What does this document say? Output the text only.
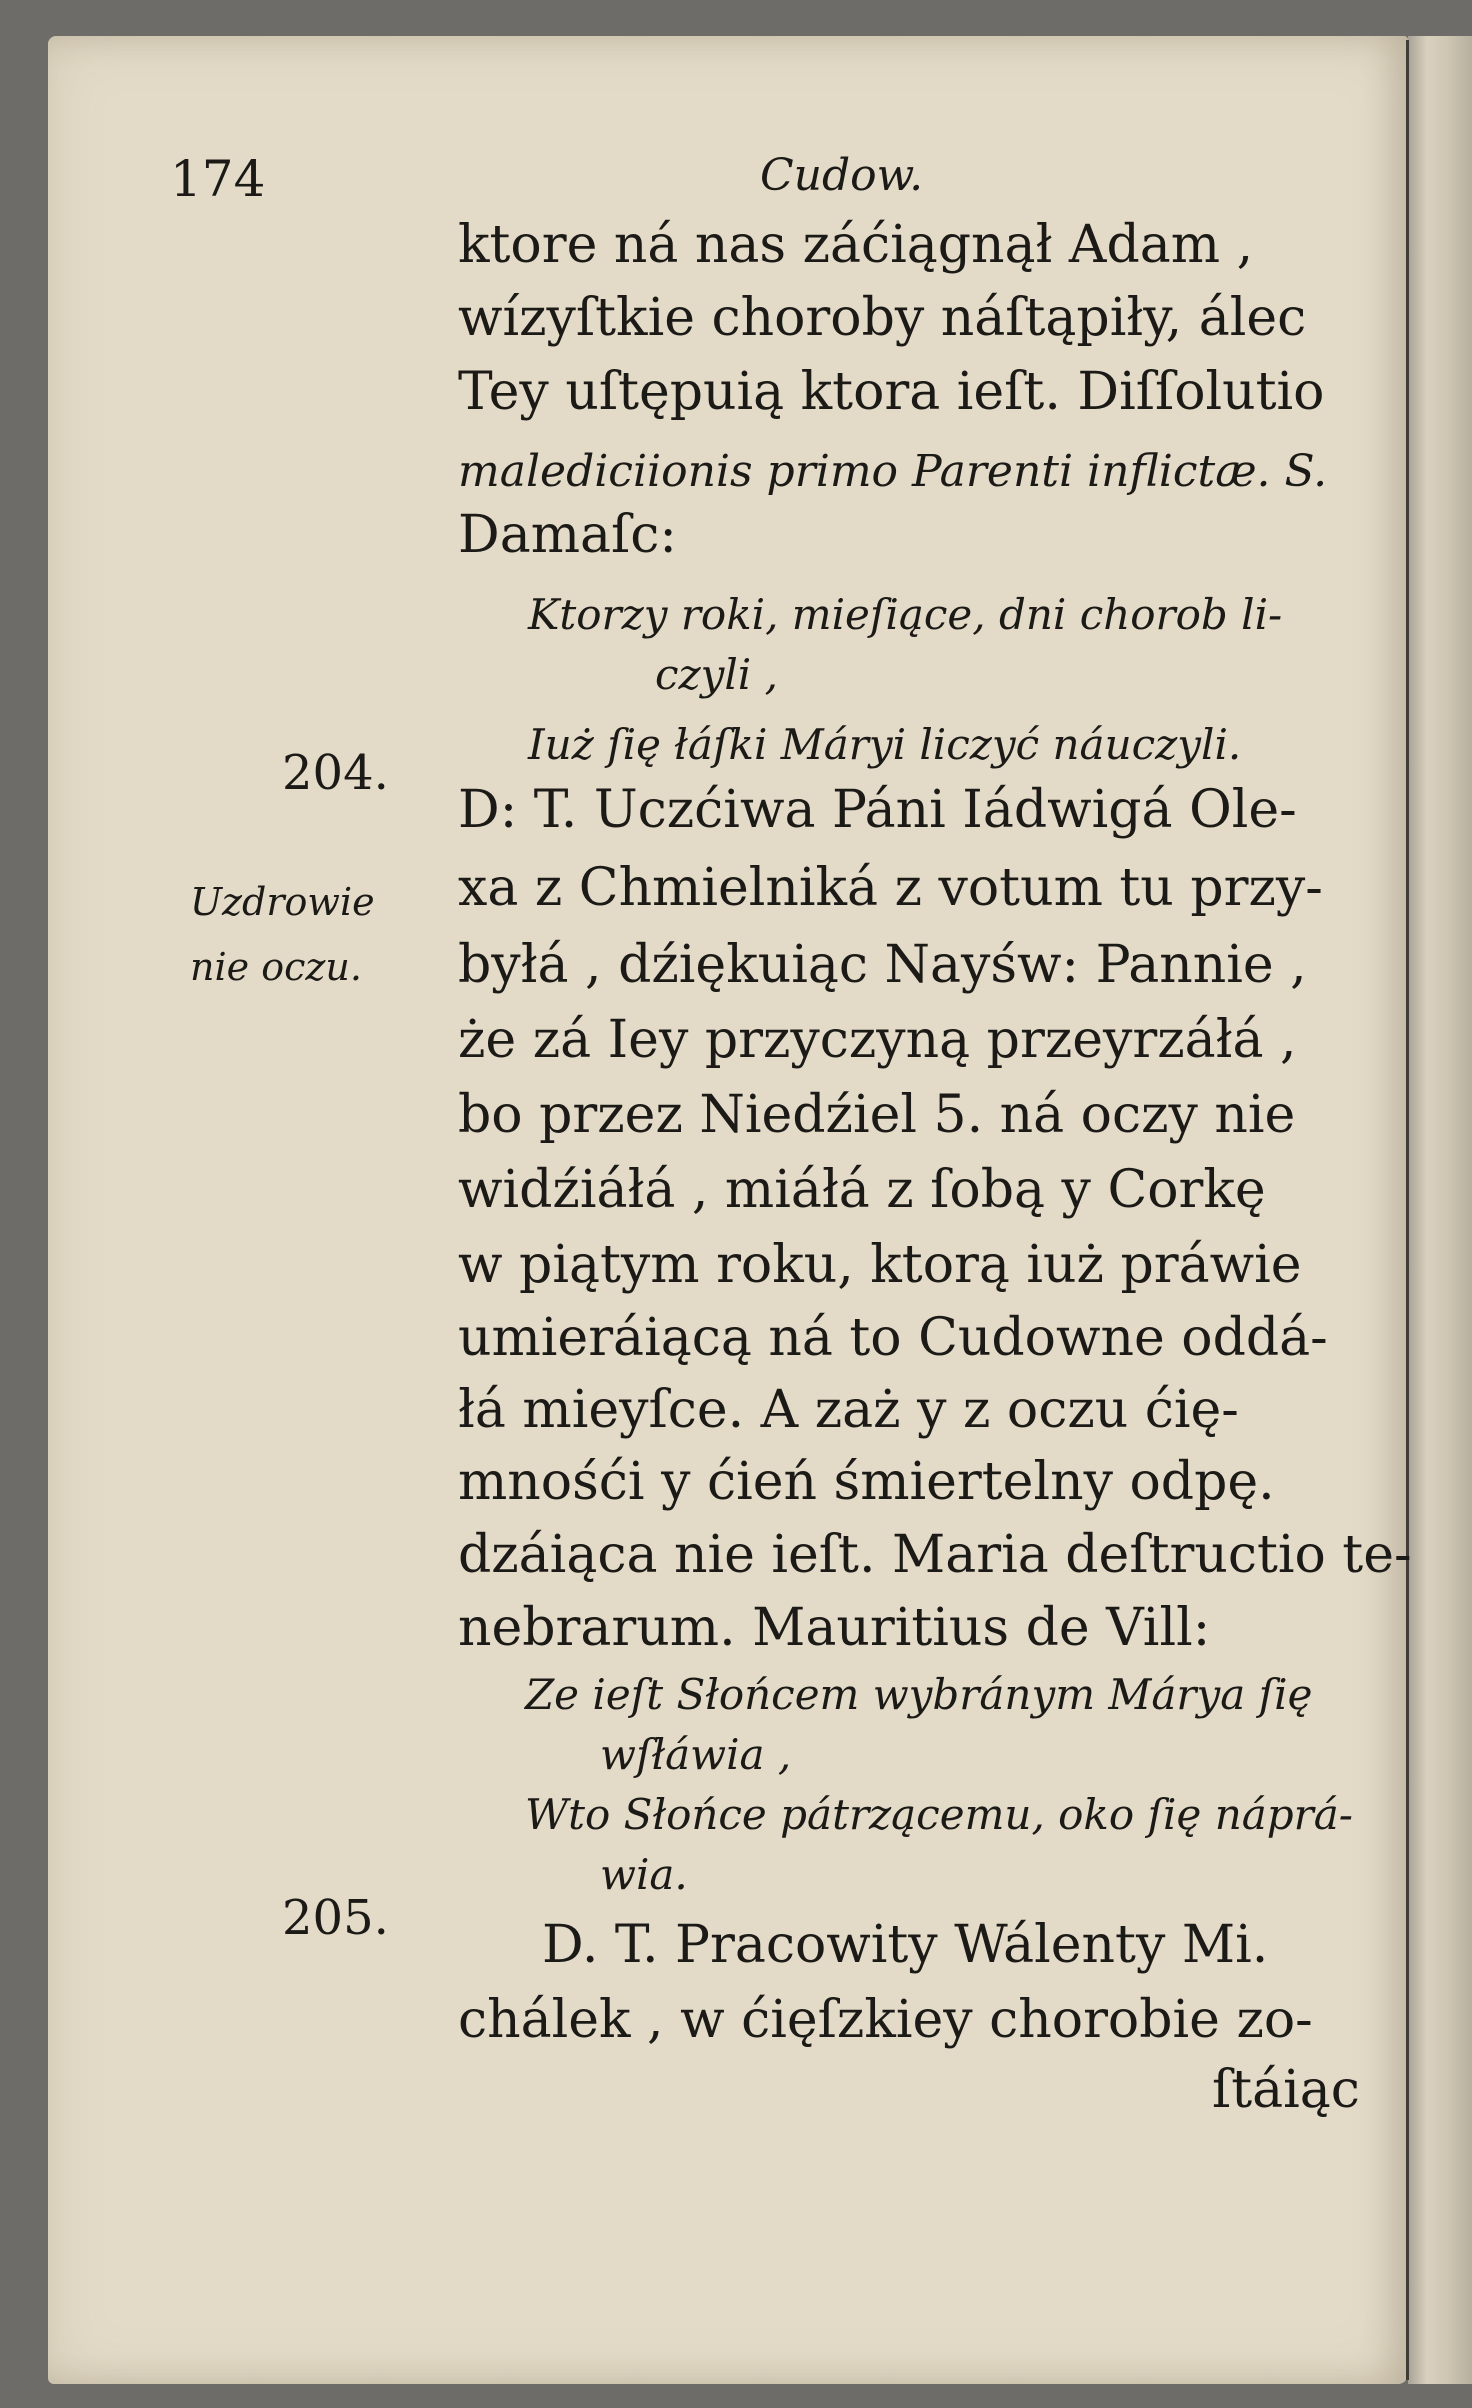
174	Cudow.
ktore ná nas záćiągnął Adam ,
wízyſtkie choroby náſtąpiły, álec
Tey uſtępuią ktora ieſt. Diſſolutio
malediciionis primo Parenti inflictæ. S.
Damaſc:
Ktorzy roki, mieſiące, dni chorob li-
czyli ,
Iuż ſię łáſki Máryi liczyć náuczyli.
204.
Uzdrowie
nie oczu.
D: T. Uczćiwa Páni Iádwigá Ole-
xa z Chmielniká z votum tu przy-
byłá , dźiękuiąc Nayśw: Pannie ,
że zá Iey przyczyną przeyrzáłá ,
bo przez Niedźiel 5. ná oczy nie
widźiáłá , miáłá z ſobą y Corkę
w piątym roku, ktorą iuż práwie
umieráiącą ná to Cudowne oddá-
łá mieyſce. A zaż y z oczu ćię-
mnośći y ćień śmiertelny odpę.
dzáiąca nie ieſt. Maria deſtructio te-
nebrarum. Mauritius de Vill:
Ze ieſt Słońcem wybránym Márya ſię
wſłáwia ,
Wto Słońce pátrzącemu, oko ſię náprá-
wia.
205.	D. T. Pracowity Wálenty Mi.
chálek , w ćięſzkiey chorobie zo-
ſtáiąc
